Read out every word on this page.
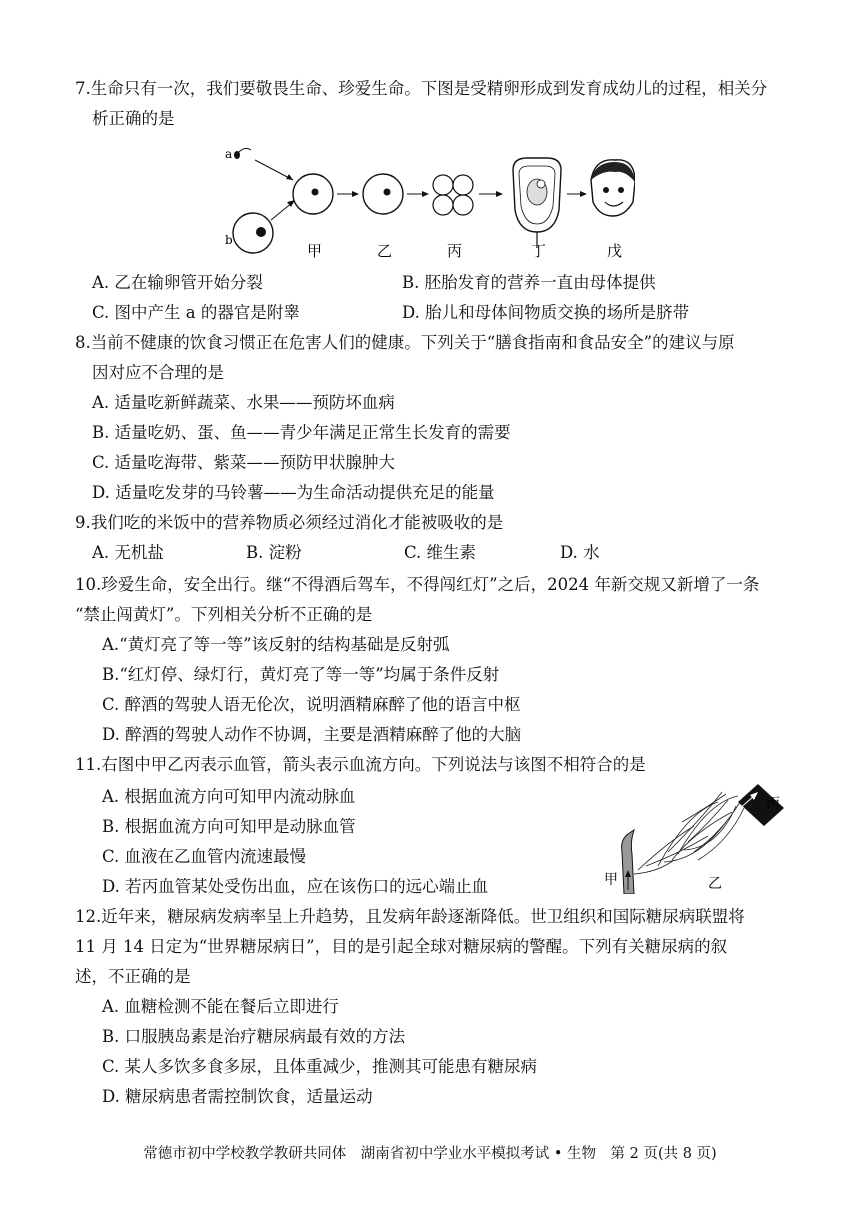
7.生命只有一次，我们要敬畏生命、珍爱生命。下图是受精卵形成到发育成幼儿的过程，相关分
析正确的是
a
b
甲	乙	丙	丁	戊
A. 乙在输卵管开始分裂	B. 胚胎发育的营养一直由母体提供
C. 图中产生 a 的器官是附睾	D. 胎儿和母体间物质交换的场所是脐带
8.当前不健康的饮食习惯正在危害人们的健康。下列关于“膳食指南和食品安全”的建议与原
因对应不合理的是
A. 适量吃新鲜蔬菜、水果——预防坏血病
B. 适量吃奶、蛋、鱼——青少年满足正常生长发育的需要
C. 适量吃海带、紫菜——预防甲状腺肿大
D. 适量吃发芽的马铃薯——为生命活动提供充足的能量
9.我们吃的米饭中的营养物质必须经过消化才能被吸收的是
A. 无机盐	B. 淀粉	C. 维生素	D. 水
10.珍爱生命，安全出行。继“不得酒后驾车，不得闯红灯”之后，2024 年新交规又新增了一条
“禁止闯黄灯”。下列相关分析不正确的是
A.“黄灯亮了等一等”该反射的结构基础是反射弧
B.“红灯停、绿灯行，黄灯亮了等一等”均属于条件反射
C. 醉酒的驾驶人语无伦次，说明酒精麻醉了他的语言中枢
D. 醉酒的驾驶人动作不协调，主要是酒精麻醉了他的大脑
11.右图中甲乙丙表示血管，箭头表示血流方向。下列说法与该图不相符合的是
A. 根据血流方向可知甲内流动脉血
B. 根据血流方向可知甲是动脉血管
C. 血液在乙血管内流速最慢
D. 若丙血管某处受伤出血，应在该伤口的远心端止血
丙
甲	乙
12.近年来，糖尿病发病率呈上升趋势，且发病年龄逐渐降低。世卫组织和国际糖尿病联盟将
11 月 14 日定为“世界糖尿病日”，目的是引起全球对糖尿病的警醒。下列有关糖尿病的叙
述，不正确的是
A. 血糖检测不能在餐后立即进行
B. 口服胰岛素是治疗糖尿病最有效的方法
C. 某人多饮多食多尿，且体重减少，推测其可能患有糖尿病
D. 糖尿病患者需控制饮食，适量运动
常德市初中学校教学教研共同体　湖南省初中学业水平模拟考试 • 生物　第 2 页(共 8 页)
